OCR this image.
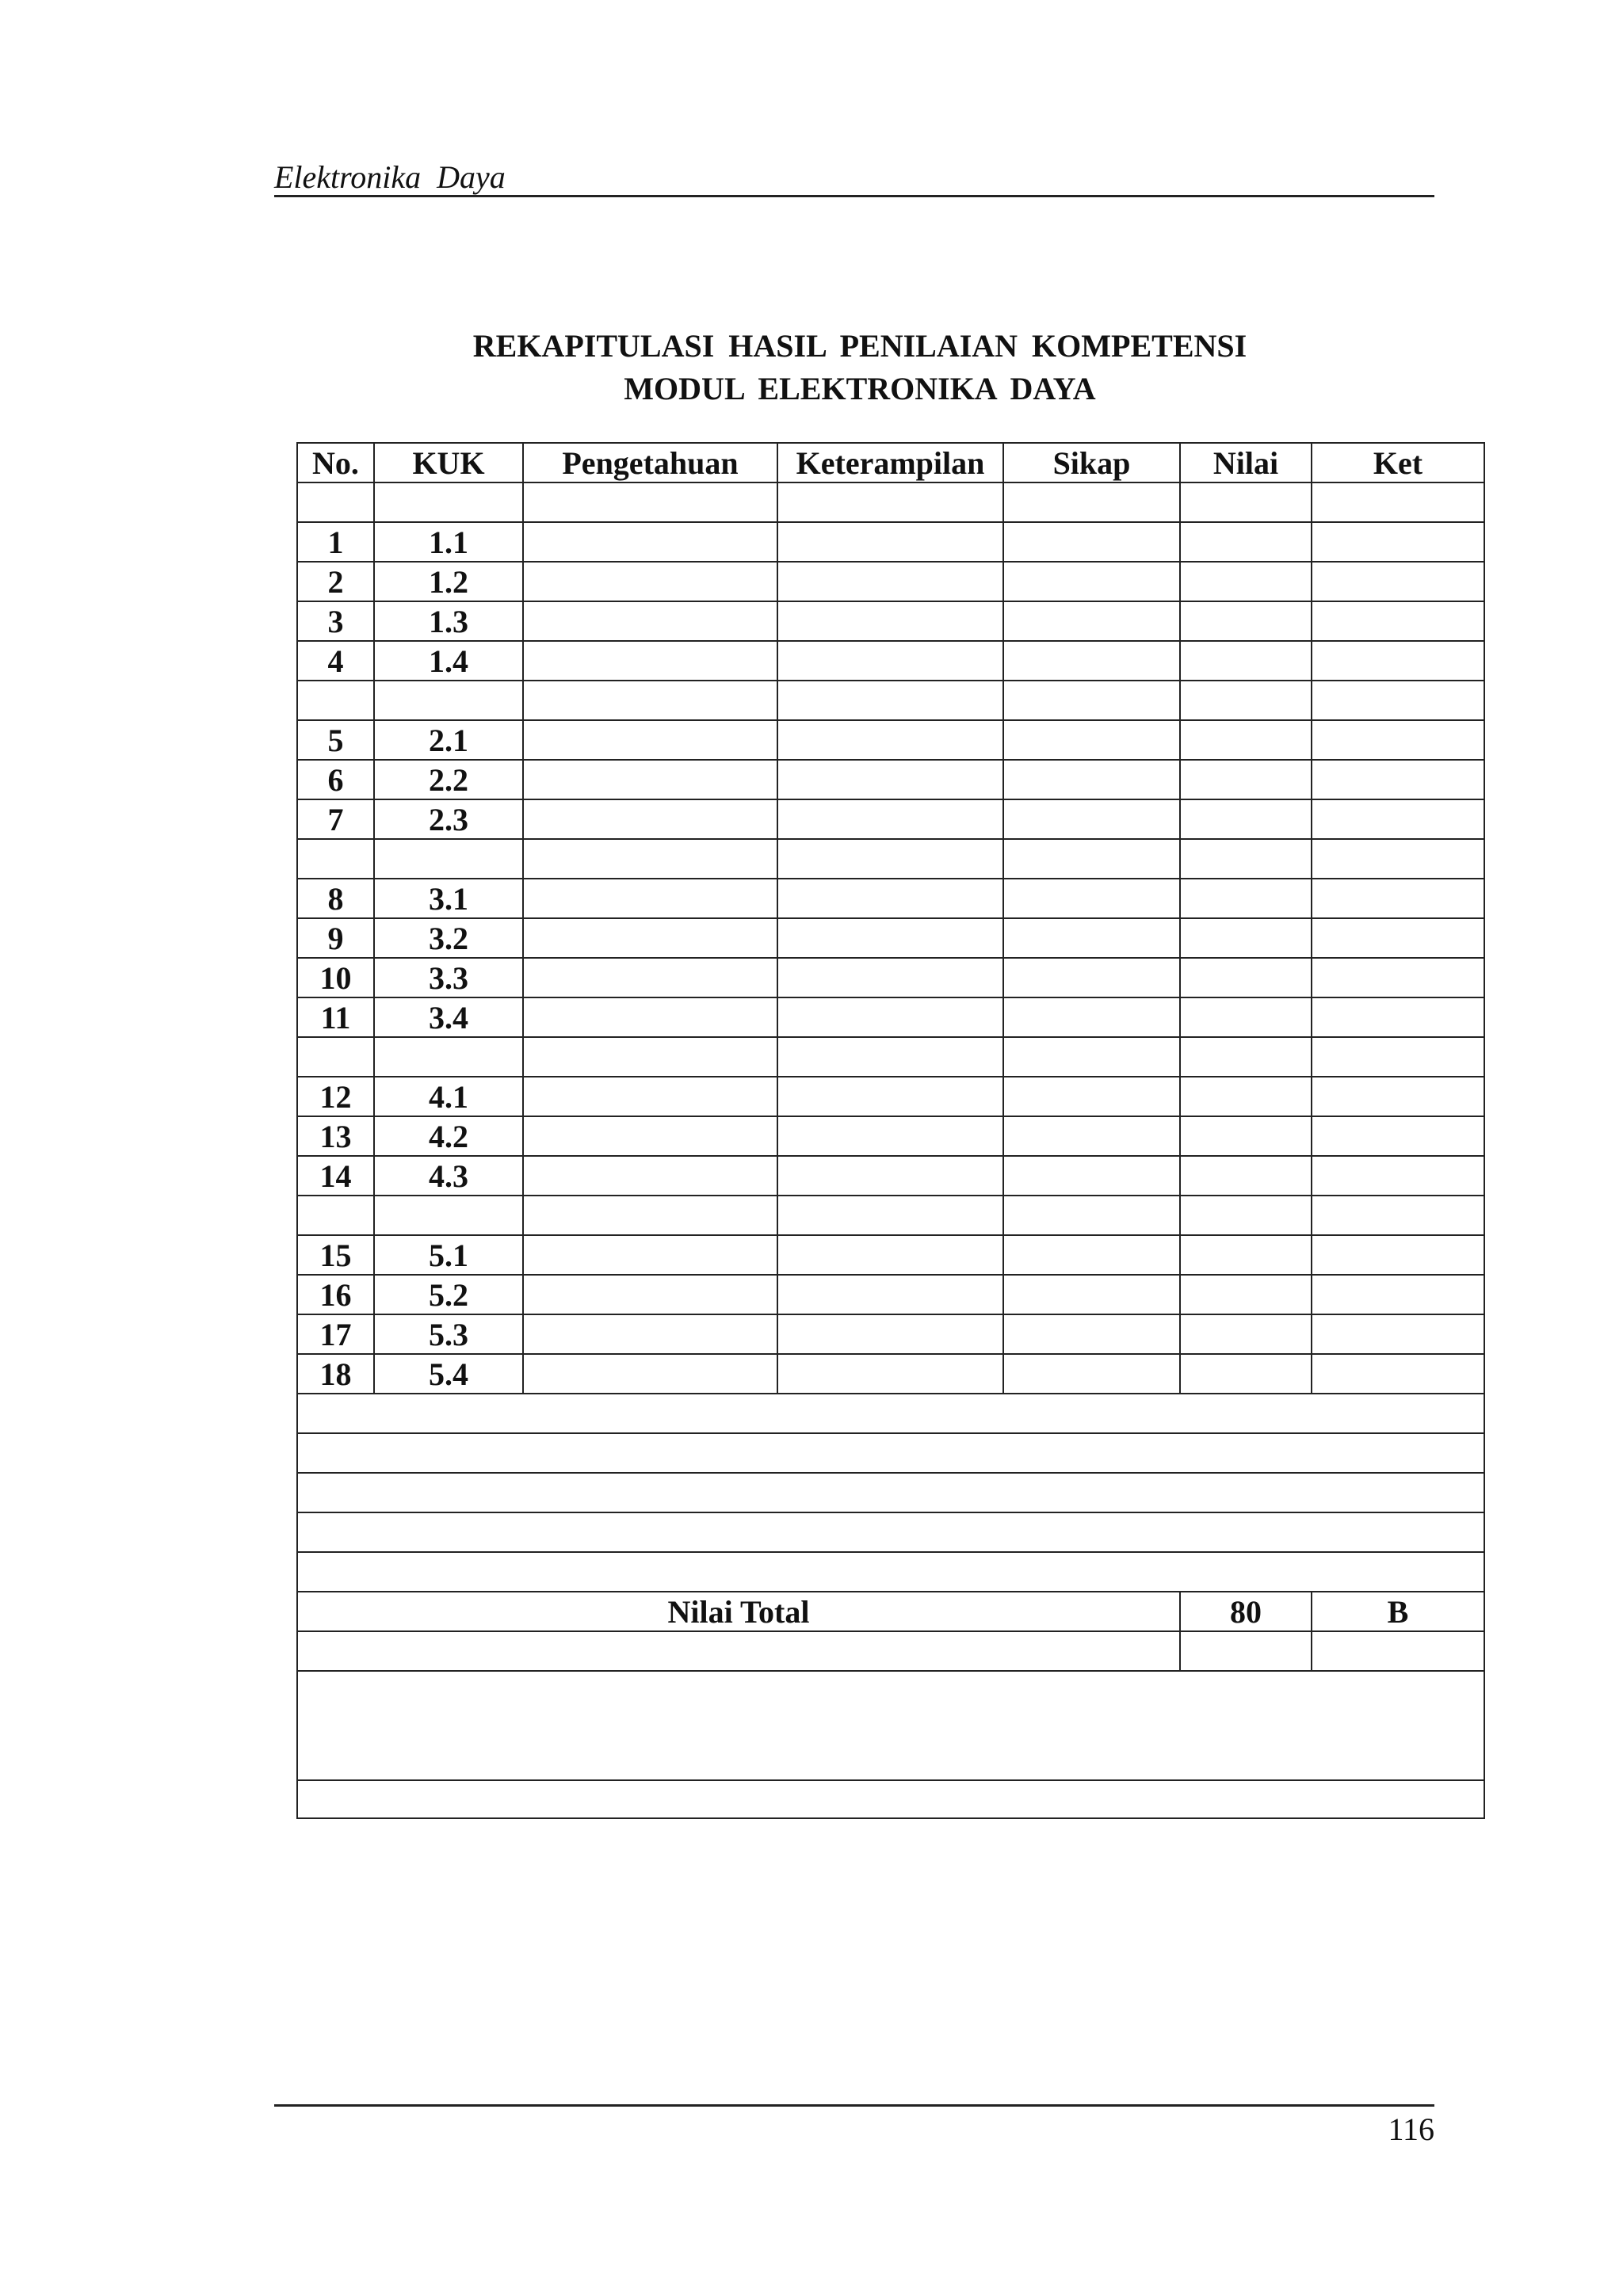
Elektronika Daya
REKAPITULASI HASIL PENILAIAN KOMPETENSI
MODUL ELEKTRONIKA DAYA
No.	KUK	Pengetahuan	Keterampilan	Sikap	Nilai	Ket

1	1.1					
2	1.2					
3	1.3					
4	1.4					

5	2.1					
6	2.2					
7	2.3					

8	3.1					
9	3.2					
10	3.3					
11	3.4					

12	4.1					
13	4.2					
14	4.3					

15	5.1					
16	5.2					
17	5.3					
18	5.4					

Nilai Total					80	B

116
